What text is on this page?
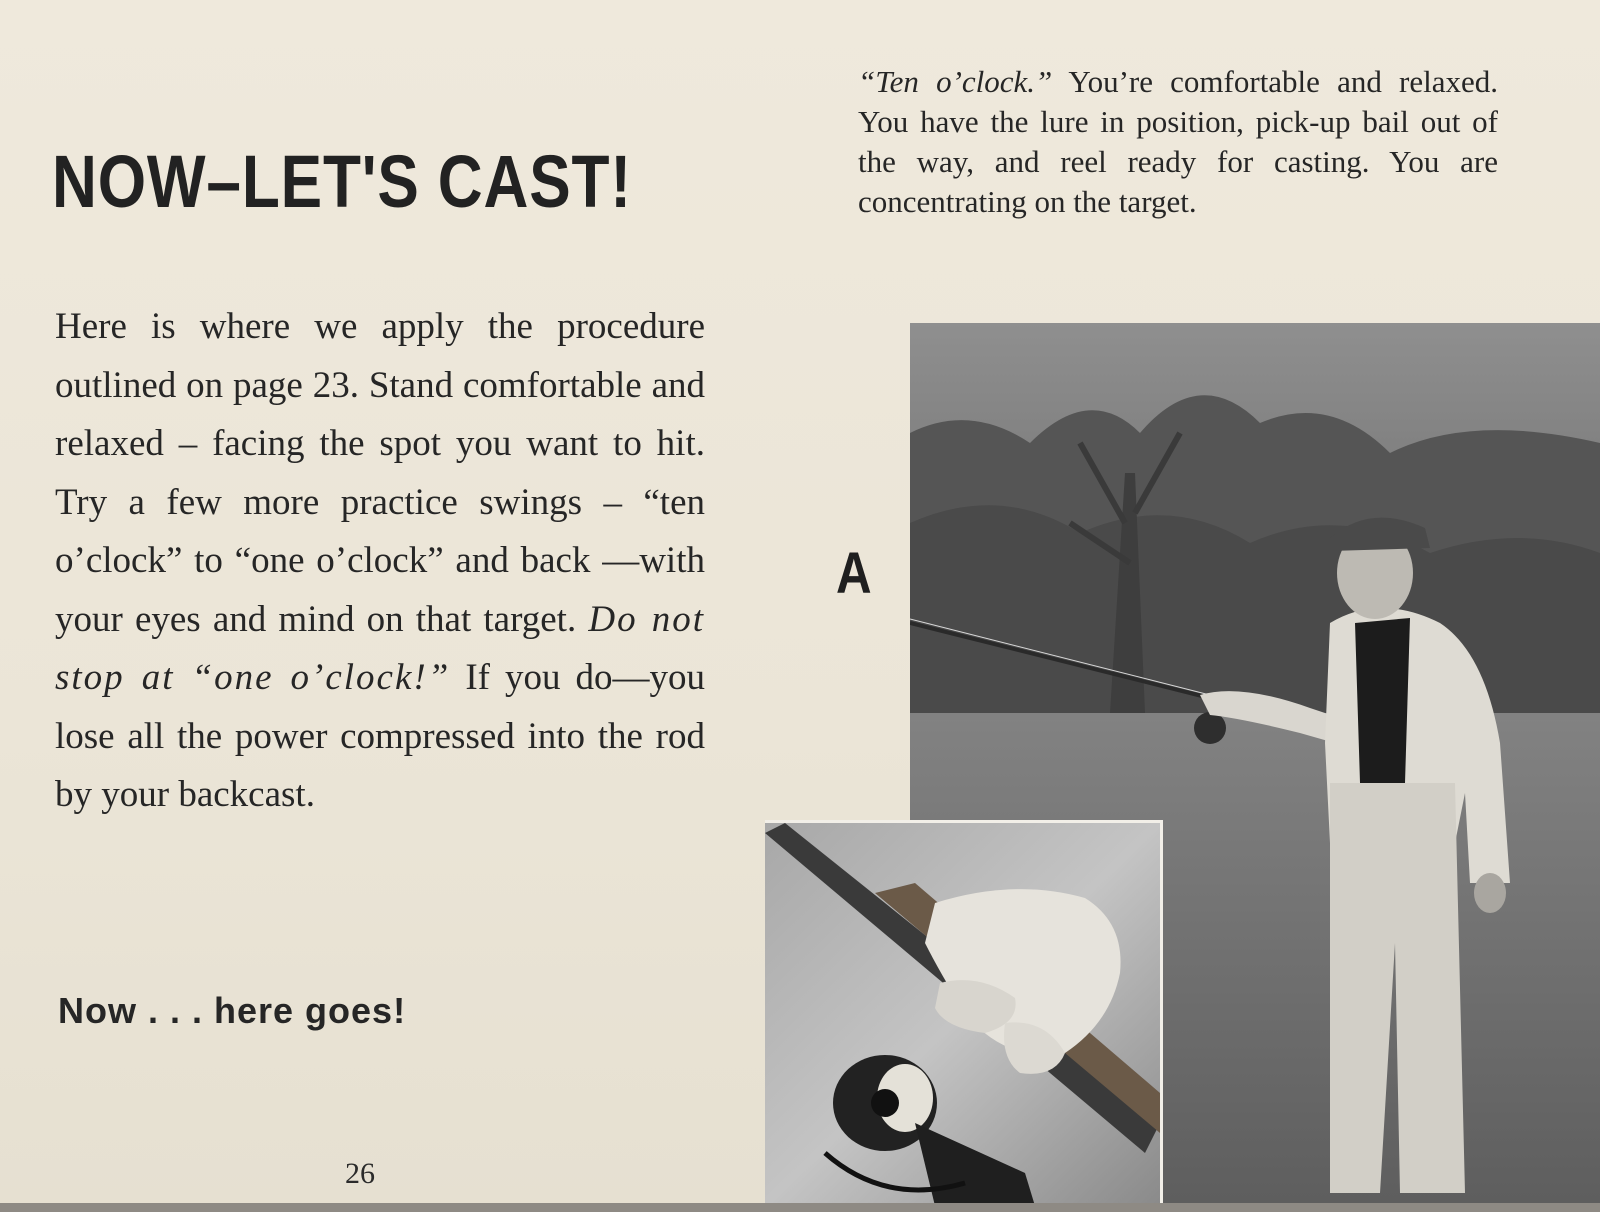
NOW–LET'S CAST!

Here is where we apply the procedure outlined on page 23. Stand comfortable and relaxed – facing the spot you want to hit. Try a few more practice swings – “ten o’clock” to “one o’clock” and back —with your eyes and mind on that target. Do not stop at “one o’clock!” If you do—you lose all the power compressed into the rod by your backcast.

Now . . . here goes!

26

“Ten o’clock.” You’re comfortable and relaxed. You have the lure in position, pick-up bail out of the way, and reel ready for casting. You are concentrating on the target.

A
